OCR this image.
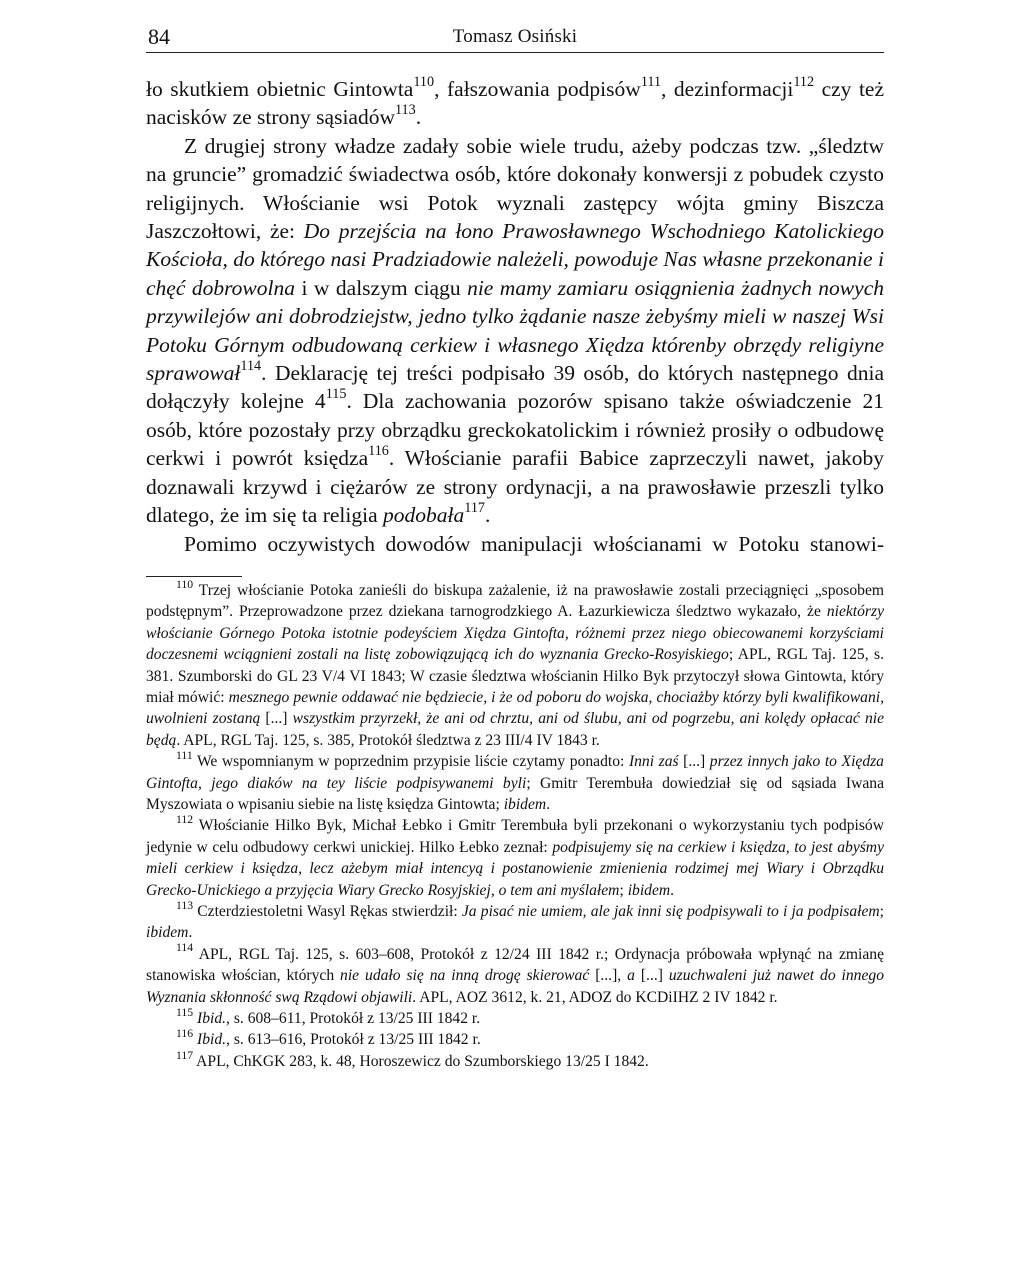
84	Tomasz Osiński

ło skutkiem obietnic Gintowta$^{110}$, fałszowania podpisów$^{111}$, dezinformacji$^{112}$ czy też nacisków ze strony sąsiadów$^{113}$.

Z drugiej strony władze zadały sobie wiele trudu, ażeby podczas tzw. „śledztw na gruncie” gromadzić świadectwa osób, które dokonały konwersji z pobudek czysto religijnych. Włościanie wsi Potok wyznali zastępcy wójta gminy Biszcza Jaszczołtowi, że: Do przejścia na łono Prawosławnego Wschodniego Katolickiego Kościoła, do którego nasi Pradziadowie należeli, powoduje Nas własne przekonanie i chęć dobrowolna i w dalszym ciągu nie mamy zamiaru osiągnienia żadnych nowych przywilejów ani dobrodziejstw, jedno tylko żądanie nasze żebyśmy mieli w naszej Wsi Potoku Górnym odbudowaną cerkiew i własnego Xiędza którenby obrzędy religiyne sprawował$^{114}$. Deklarację tej treści podpisało 39 osób, do których następnego dnia dołączyły kolejne $4^{115}$. Dla zachowania pozorów spisano także oświadczenie 21 osób, które pozostały przy obrządku greckokatolickim i również prosiły o odbudowę cerkwi i powrót księdza$^{116}$. Włościanie parafii Babice zaprzeczyli nawet, jakoby doznawali krzywd i ciężarów ze strony ordynacji, a na prawosławie przeszli tylko dlatego, że im się ta religia podobała$^{117}$.

Pomimo oczywistych dowodów manipulacji włościanami w Potoku stanowi-

$^{110}$ Trzej włościanie Potoka zanieśli do biskupa zażalenie, iż na prawosławie zostali przeciągnięci „sposobem podstępnym”. Przeprowadzone przez dziekana tarnogrodzkiego A. Łazurkiewicza śledztwo wykazało, że niektórzy włościanie Górnego Potoka istotnie podeyściem Xiędza Gintofta, różnemi przez niego obiecowanemi korzyściami doczesnemi wciągnieni zostali na listę zobowiązującą ich do wyznania Grecko-Rosyiskiego; APL, RGL Taj. 125, s. 381. Szumborski do GL 23 V/4 VI 1843; W czasie śledztwa włościanin Hilko Byk przytoczył słowa Gintowta, który miał mówić: mesznego pewnie oddawać nie będziecie, i że od poboru do wojska, chociażby którzy byli kwalifikowani, uwolnieni zostaną [...] wszystkim przyrzekł, że ani od chrztu, ani od ślubu, ani od pogrzebu, ani kolędy opłacać nie będą. APL, RGL Taj. 125, s. 385, Protokół śledztwa z 23 III/4 IV 1843 r.

$^{111}$ We wspomnianym w poprzednim przypisie liście czytamy ponadto: Inni zaś [...] przez innych jako to Xiędza Gintofta, jego diaków na tey liście podpisywanemi byli; Gmitr Terembuła dowiedział się od sąsiada Iwana Myszowiata o wpisaniu siebie na listę księdza Gintowta; ibidem.

$^{112}$ Włościanie Hilko Byk, Michał Łebko i Gmitr Terembuła byli przekonani o wykorzystaniu tych podpisów jedynie w celu odbudowy cerkwi unickiej. Hilko Łebko zeznał: podpisujemy się na cerkiew i księdza, to jest abyśmy mieli cerkiew i księdza, lecz ażebym miał intencyą i postanowienie zmienienia rodzimej mej Wiary i Obrządku Grecko-Unickiego a przyjęcia Wiary Grecko Rosyjskiej, o tem ani myślałem; ibidem.

$^{113}$ Czterdziestoletni Wasyl Rękas stwierdził: Ja pisać nie umiem, ale jak inni się podpisywali to i ja podpisałem; ibidem.

$^{114}$ APL, RGL Taj. 125, s. 603–608, Protokół z 12/24 III 1842 r.; Ordynacja próbowała wpłynąć na zmianę stanowiska włościan, których nie udało się na inną drogę skierować [...], a [...] uzuchwaleni już nawet do innego Wyznania skłonność swą Rządowi objawili. APL, AOZ 3612, k. 21, ADOZ do KCDiIHZ 2 IV 1842 r.

$^{115}$ Ibid., s. 608–611, Protokół z 13/25 III 1842 r.

$^{116}$ Ibid., s. 613–616, Protokół z 13/25 III 1842 r.

$^{117}$ APL, ChKGK 283, k. 48, Horoszewicz do Szumborskiego 13/25 I 1842.
